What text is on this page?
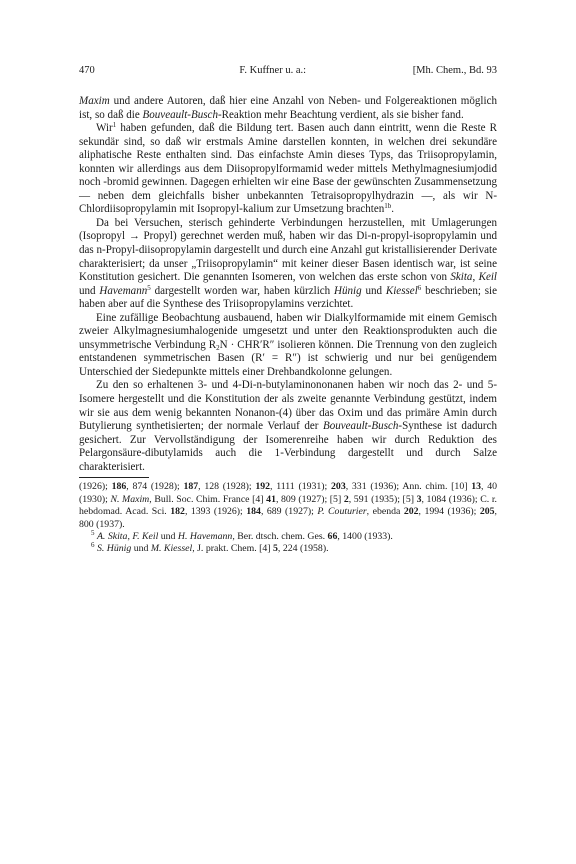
470	F. Kuffner u. a.:	[Mh. Chem., Bd. 93

Maxim und andere Autoren, daß hier eine Anzahl von Neben- und Folgereaktionen möglich ist, so daß die Bouveault-Busch-Reaktion mehr Beachtung verdient, als sie bisher fand.

Wir$^1$ haben gefunden, daß die Bildung tert. Basen auch dann eintritt, wenn die Reste R sekundär sind, so daß wir erstmals Amine darstellen konnten, in welchen drei sekundäre aliphatische Reste enthalten sind. Das einfachste Amin dieses Typs, das Triisopropylamin, konnten wir allerdings aus dem Diisopropylformamid weder mittels Methylmagnesiumjodid noch -bromid gewinnen. Dagegen erhielten wir eine Base der gewünschten Zusammensetzung — neben dem gleichfalls bisher unbekannten Tetraisopropylhydrazin —, als wir N-Chlordiisopropylamin mit Isopropyl-kalium zur Umsetzung brachten$^{1b}$.

Da bei Versuchen, sterisch gehinderte Verbindungen herzustellen, mit Umlagerungen (Isopropyl → Propyl) gerechnet werden muß, haben wir das Di-n-propyl-isopropylamin und das n-Propyl-diisopropylamin dargestellt und durch eine Anzahl gut kristallisierender Derivate charakterisiert; da unser „Triisopropylamin“ mit keiner dieser Basen identisch war, ist seine Konstitution gesichert. Die genannten Isomeren, von welchen das erste schon von Skita, Keil und Havemann$^5$ dargestellt worden war, haben kürzlich Hünig und Kiessel$^6$ beschrieben; sie haben aber auf die Synthese des Triisopropylamins verzichtet.

Eine zufällige Beobachtung ausbauend, haben wir Dialkylformamide mit einem Gemisch zweier Alkylmagnesiumhalogenide umgesetzt und unter den Reaktionsprodukten auch die unsymmetrische Verbindung $R_2N \cdot CHR'R''$ isolieren können. Die Trennung von den zugleich entstandenen symmetrischen Basen (R′ = R″) ist schwierig und nur bei genügendem Unterschied der Siedepunkte mittels einer Drehbandkolonne gelungen.

Zu den so erhaltenen 3- und 4-Di-n-butylaminononanen haben wir noch das 2- und 5-Isomere hergestellt und die Konstitution der als zweite genannte Verbindung gestützt, indem wir sie aus dem wenig bekannten Nonanon-(4) über das Oxim und das primäre Amin durch Butylierung synthetisierten; der normale Verlauf der Bouveault-Busch-Synthese ist dadurch gesichert. Zur Vervollständigung der Isomerenreihe haben wir durch Reduktion des Pelargonsäure-dibutylamids auch die 1-Verbindung dargestellt und durch Salze charakterisiert.

(1926); 186, 874 (1928); 187, 128 (1928); 192, 1111 (1931); 203, 331 (1936); Ann. chim. [10] 13, 40 (1930); N. Maxim, Bull. Soc. Chim. France [4] 41, 809 (1927); [5] 2, 591 (1935); [5] 3, 1084 (1936); C. r. hebdomad. Acad. Sci. 182, 1393 (1926); 184, 689 (1927); P. Couturier, ebenda 202, 1994 (1936); 205, 800 (1937).

$^5$ A. Skita, F. Keil und H. Havemann, Ber. dtsch. chem. Ges. 66, 1400 (1933).

$^6$ S. Hünig und M. Kiessel, J. prakt. Chem. [4] 5, 224 (1958).
